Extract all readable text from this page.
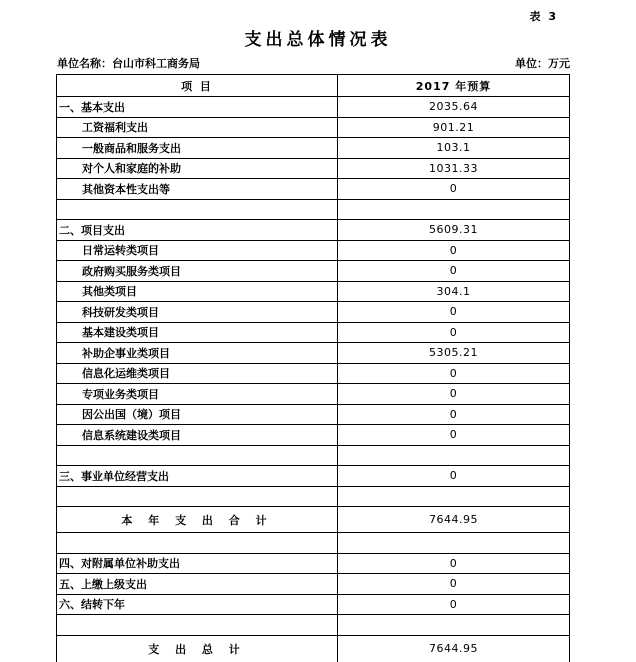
表 3
支出总体情况表
单位名称：台山市科工商务局	单位：万元
项 目	2017 年预算
一、基本支出	2035.64
工资福利支出	901.21
一般商品和服务支出	103.1
对个人和家庭的补助	1031.33
其他资本性支出等	0
二、项目支出	5609.31
日常运转类项目	0
政府购买服务类项目	0
其他类项目	304.1
科技研发类项目	0
基本建设类项目	0
补助企事业类项目	5305.21
信息化运维类项目	0
专项业务类项目	0
因公出国（境）项目	0
信息系统建设类项目	0
三、事业单位经营支出	0
本 年 支 出 合 计	7644.95
四、对附属单位补助支出	0
五、上缴上级支出	0
六、结转下年	0
支 出 总 计	7644.95
